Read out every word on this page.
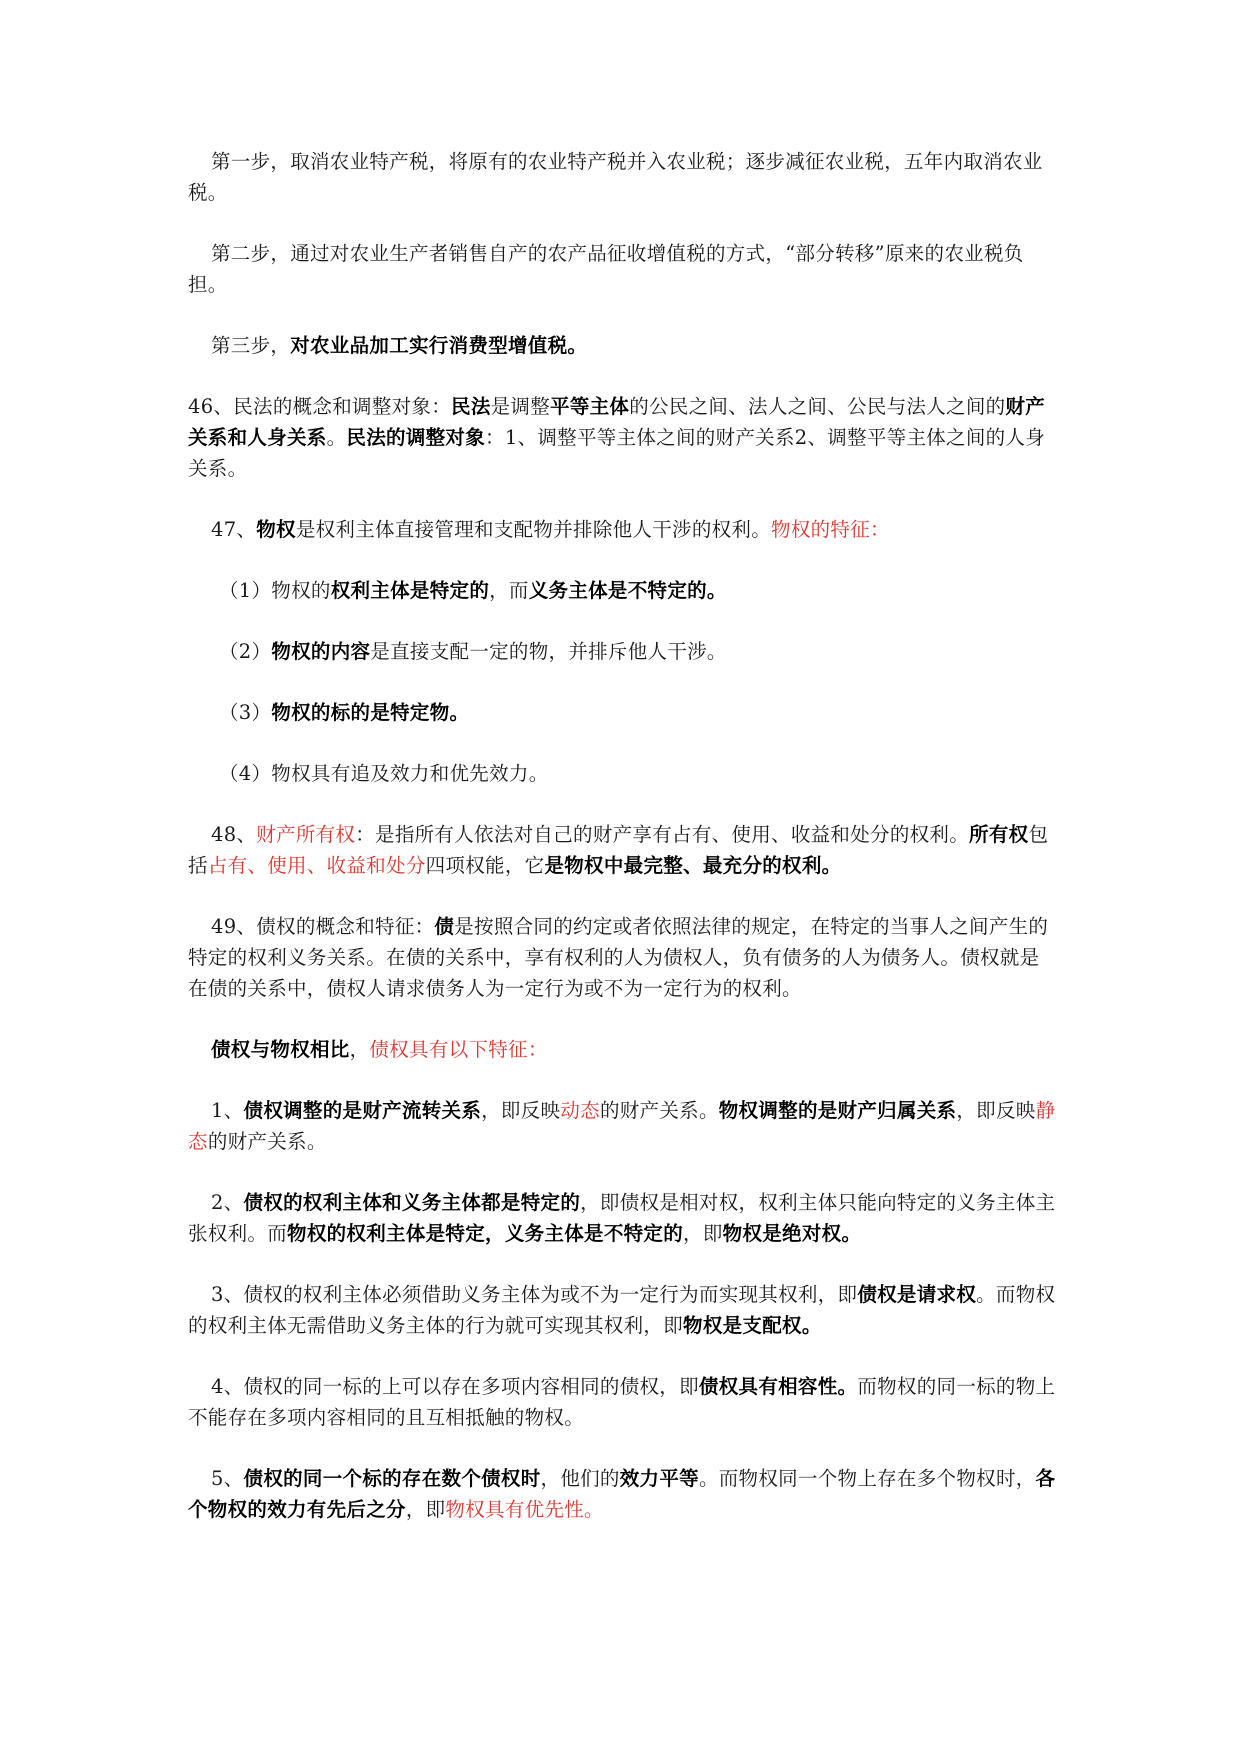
第一步，取消农业特产税，将原有的农业特产税并入农业税；逐步减征农业税，五年内取消农业税。

第二步，通过对农业生产者销售自产的农产品征收增值税的方式，“部分转移”原来的农业税负担。

第三步，对农业品加工实行消费型增值税。

46、民法的概念和调整对象：民法是调整平等主体的公民之间、法人之间、公民与法人之间的财产关系和人身关系。民法的调整对象：1、调整平等主体之间的财产关系2、调整平等主体之间的人身关系。

47、物权是权利主体直接管理和支配物并排除他人干涉的权利。物权的特征：

（1）物权的权利主体是特定的，而义务主体是不特定的。

（2）物权的内容是直接支配一定的物，并排斥他人干涉。

（3）物权的标的是特定物。

（4）物权具有追及效力和优先效力。

48、财产所有权：是指所有人依法对自己的财产享有占有、使用、收益和处分的权利。所有权包括占有、使用、收益和处分四项权能，它是物权中最完整、最充分的权利。

49、债权的概念和特征：债是按照合同的约定或者依照法律的规定，在特定的当事人之间产生的特定的权利义务关系。在债的关系中，享有权利的人为债权人，负有债务的人为债务人。债权就是在债的关系中，债权人请求债务人为一定行为或不为一定行为的权利。

债权与物权相比，债权具有以下特征：

1、债权调整的是财产流转关系，即反映动态的财产关系。物权调整的是财产归属关系，即反映静态的财产关系。

2、债权的权利主体和义务主体都是特定的，即债权是相对权，权利主体只能向特定的义务主体主张权利。而物权的权利主体是特定，义务主体是不特定的，即物权是绝对权。

3、债权的权利主体必须借助义务主体为或不为一定行为而实现其权利，即债权是请求权。而物权的权利主体无需借助义务主体的行为就可实现其权利，即物权是支配权。

4、债权的同一标的上可以存在多项内容相同的债权，即债权具有相容性。而物权的同一标的物上不能存在多项内容相同的且互相抵触的物权。

5、债权的同一个标的存在数个债权时，他们的效力平等。而物权同一个物上存在多个物权时，各个物权的效力有先后之分，即物权具有优先性。
